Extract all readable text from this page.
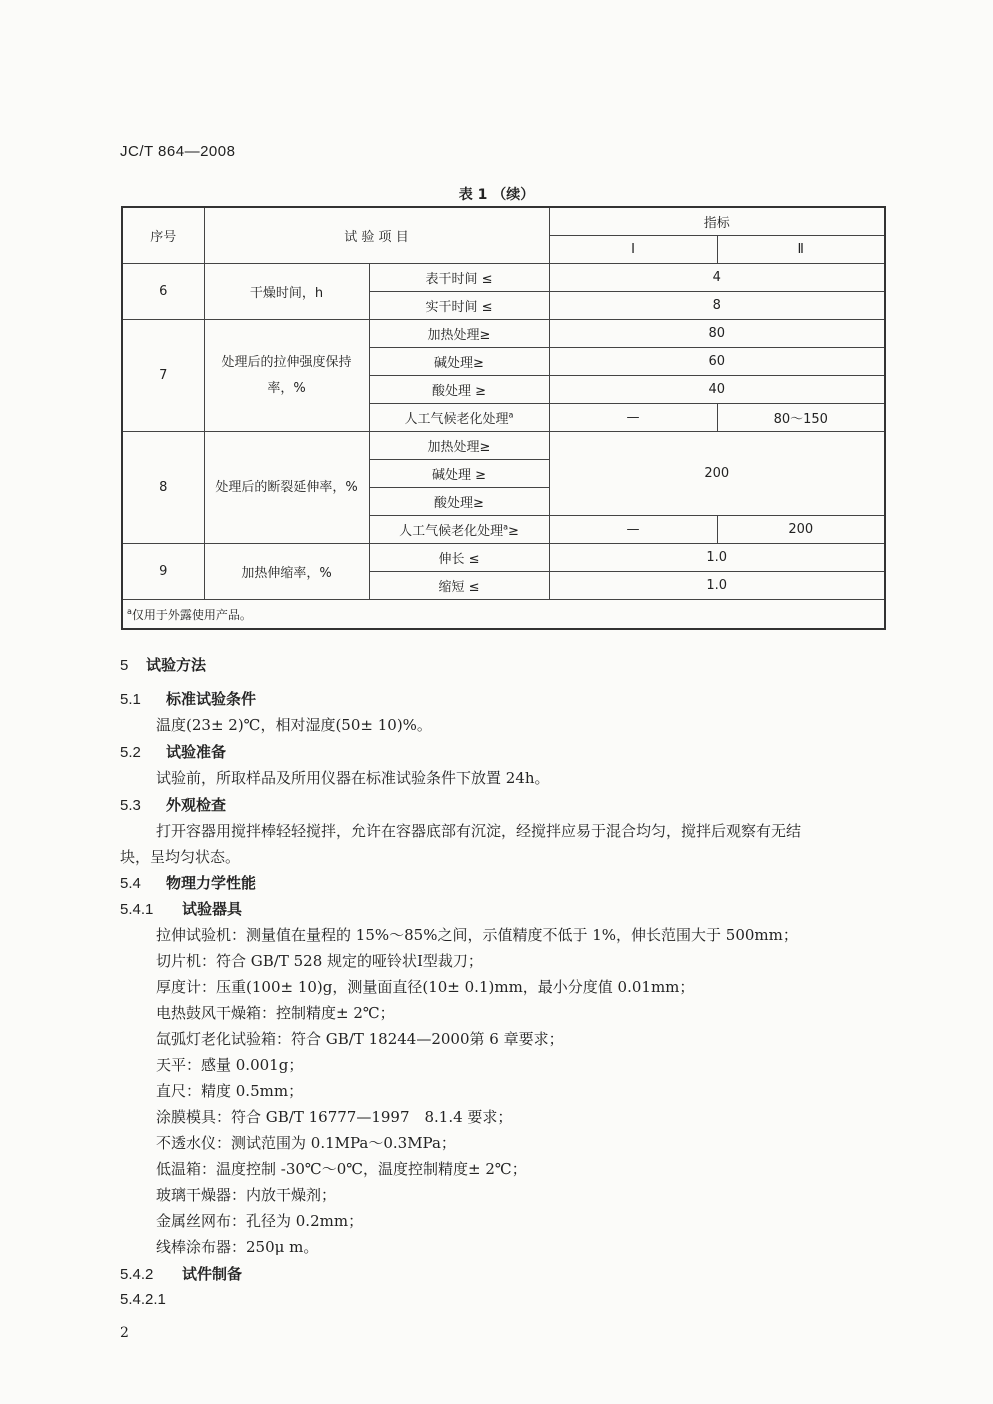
JC/T 864—2008
表 1 （续）
序号	试 验 项 目		指标	
			Ⅰ	Ⅱ
6	干燥时间，h	表干时间 ≤	4	
		实干时间 ≤	8	
7	处理后的拉伸强度保持率，%	加热处理≥	80	
		碱处理≥	60	
		酸处理 ≥	40	
		人工气候老化处理$^a$	—	80～150
8	处理后的断裂延伸率，%	加热处理≥	200	
		碱处理 ≥		
		酸处理≥		
		人工气候老化处理$^a$≥	—	200
9	加热伸缩率，%	伸长 ≤	1.0	
		缩短 ≤	1.0	
$^a$仅用于外露使用产品。				
5 试验方法
5.1 标准试验条件
温度(23± 2)℃，相对湿度(50± 10)%。
5.2 试验准备
试验前，所取样品及所用仪器在标准试验条件下放置 24h。
5.3 外观检查
打开容器用搅拌棒轻轻搅拌，允许在容器底部有沉淀，经搅拌应易于混合均匀，搅拌后观察有无结
块，呈均匀状态。
5.4 物理力学性能
5.4.1 试验器具
拉伸试验机：测量值在量程的 15%～85%之间，示值精度不低于 1%，伸长范围大于 500mm；
切片机：符合 GB/T 528 规定的哑铃状Ⅰ型裁刀；
厚度计：压重(100± 10)g，测量面直径(10± 0.1)mm，最小分度值 0.01mm；
电热鼓风干燥箱：控制精度± 2℃；
氙弧灯老化试验箱：符合 GB/T 18244—2000第 6 章要求；
天平：感量 0.001g；
直尺：精度 0.5mm；
涂膜模具：符合 GB/T 16777—1997　8.1.4 要求；
不透水仪：测试范围为 0.1MPa～0.3MPa；
低温箱：温度控制 -30℃～0℃，温度控制精度± 2℃；
玻璃干燥器：内放干燥剂；
金属丝网布：孔径为 0.2mm；
线棒涂布器：250μ m。
5.4.2 试件制备
5.4.2.1
2
